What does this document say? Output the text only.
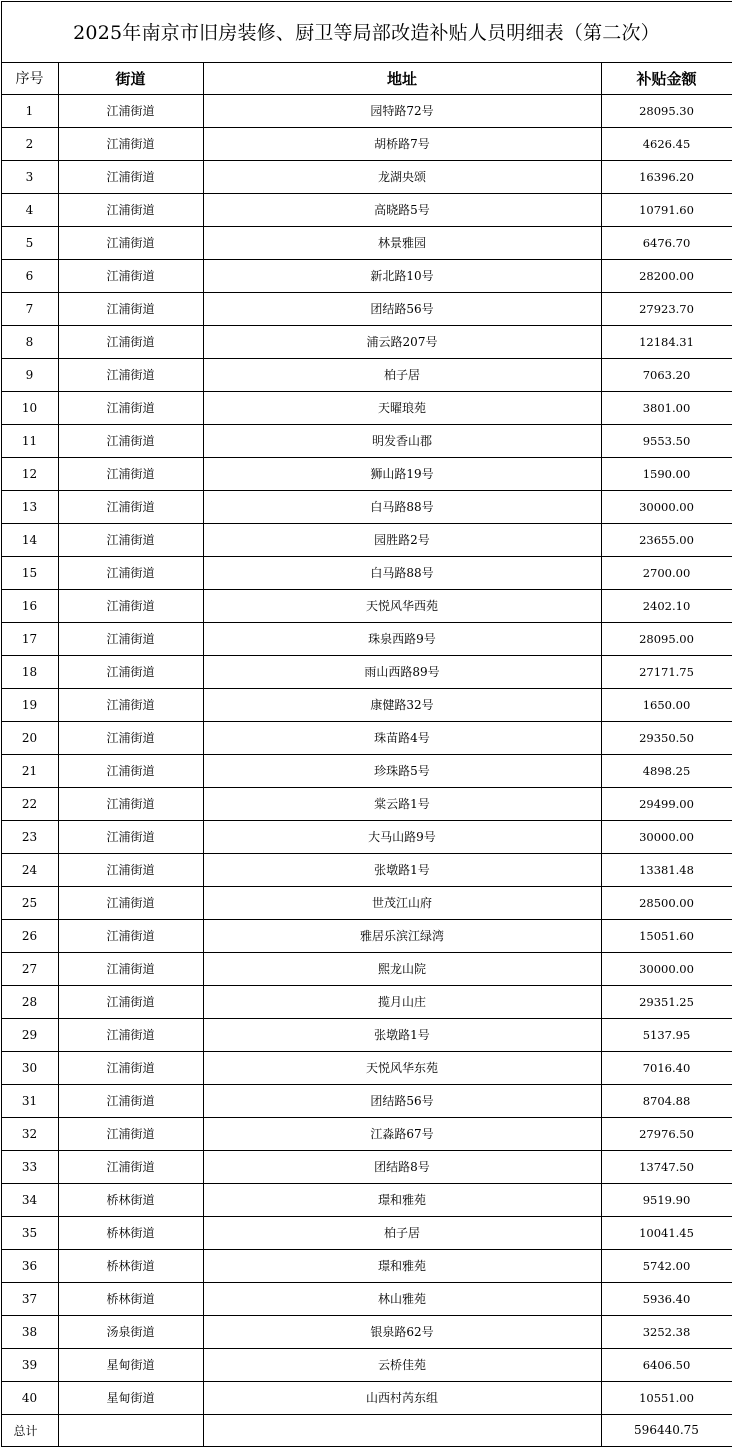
2025年南京市旧房装修、厨卫等局部改造补贴人员明细表（第二次）			
序号	街道	地址	补贴金额
1	江浦街道	园特路72号	28095.30
2	江浦街道	胡桥路7号	4626.45
3	江浦街道	龙湖央颂	16396.20
4	江浦街道	高晓路5号	10791.60
5	江浦街道	林景雅园	6476.70
6	江浦街道	新北路10号	28200.00
7	江浦街道	团结路56号	27923.70
8	江浦街道	浦云路207号	12184.31
9	江浦街道	柏子居	7063.20
10	江浦街道	天曜琅苑	3801.00
11	江浦街道	明发香山郡	9553.50
12	江浦街道	狮山路19号	1590.00
13	江浦街道	白马路88号	30000.00
14	江浦街道	园胜路2号	23655.00
15	江浦街道	白马路88号	2700.00
16	江浦街道	天悦风华西苑	2402.10
17	江浦街道	珠泉西路9号	28095.00
18	江浦街道	雨山西路89号	27171.75
19	江浦街道	康健路32号	1650.00
20	江浦街道	珠苗路4号	29350.50
21	江浦街道	珍珠路5号	4898.25
22	江浦街道	棠云路1号	29499.00
23	江浦街道	大马山路9号	30000.00
24	江浦街道	张墩路1号	13381.48
25	江浦街道	世茂江山府	28500.00
26	江浦街道	雅居乐滨江绿湾	15051.60
27	江浦街道	熙龙山院	30000.00
28	江浦街道	揽月山庄	29351.25
29	江浦街道	张墩路1号	5137.95
30	江浦街道	天悦风华东苑	7016.40
31	江浦街道	团结路56号	8704.88
32	江浦街道	江淼路67号	27976.50
33	江浦街道	团结路8号	13747.50
34	桥林街道	璟和雅苑	9519.90
35	桥林街道	柏子居	10041.45
36	桥林街道	璟和雅苑	5742.00
37	桥林街道	林山雅苑	5936.40
38	汤泉街道	银泉路62号	3252.38
39	星甸街道	云桥佳苑	6406.50
40	星甸街道	山西村芮东组	10551.00
总计			596440.75
